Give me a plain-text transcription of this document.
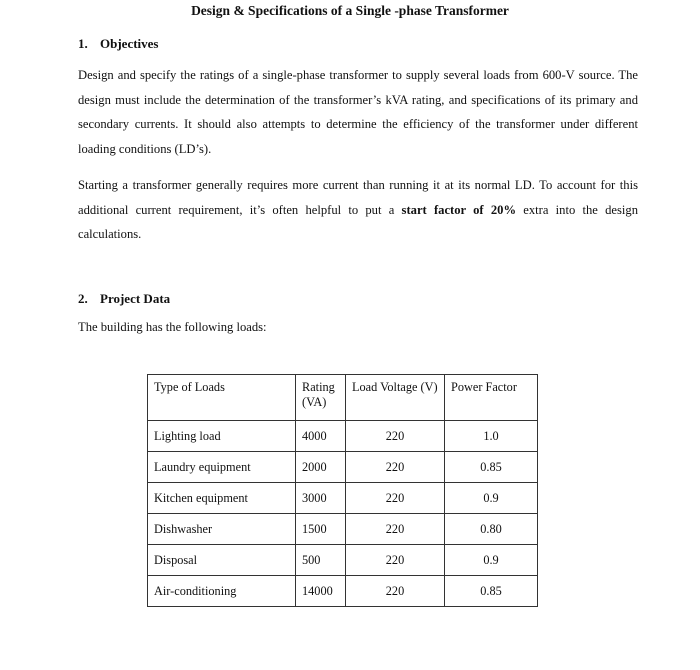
Design & Specifications of a Single -phase Transformer
1. Objectives

Design and specify the ratings of a single-phase transformer to supply several loads from 600-V source. The design must include the determination of the transformer’s kVA rating, and specifications of its primary and secondary currents. It should also attempts to determine the efficiency of the transformer under different loading conditions (LD’s).

Starting a transformer generally requires more current than running it at its normal LD. To account for this additional current requirement, it’s often helpful to put a start factor of 20% extra into the design calculations.

2. Project Data
The building has the following loads:
Type of Loads	Rating (VA)	Load Voltage (V)	Power Factor
Lighting load	4000	220	1.0
Laundry equipment	2000	220	0.85
Kitchen equipment	3000	220	0.9
Dishwasher	1500	220	0.80
Disposal	500	220	0.9
Air-conditioning	14000	220	0.85
